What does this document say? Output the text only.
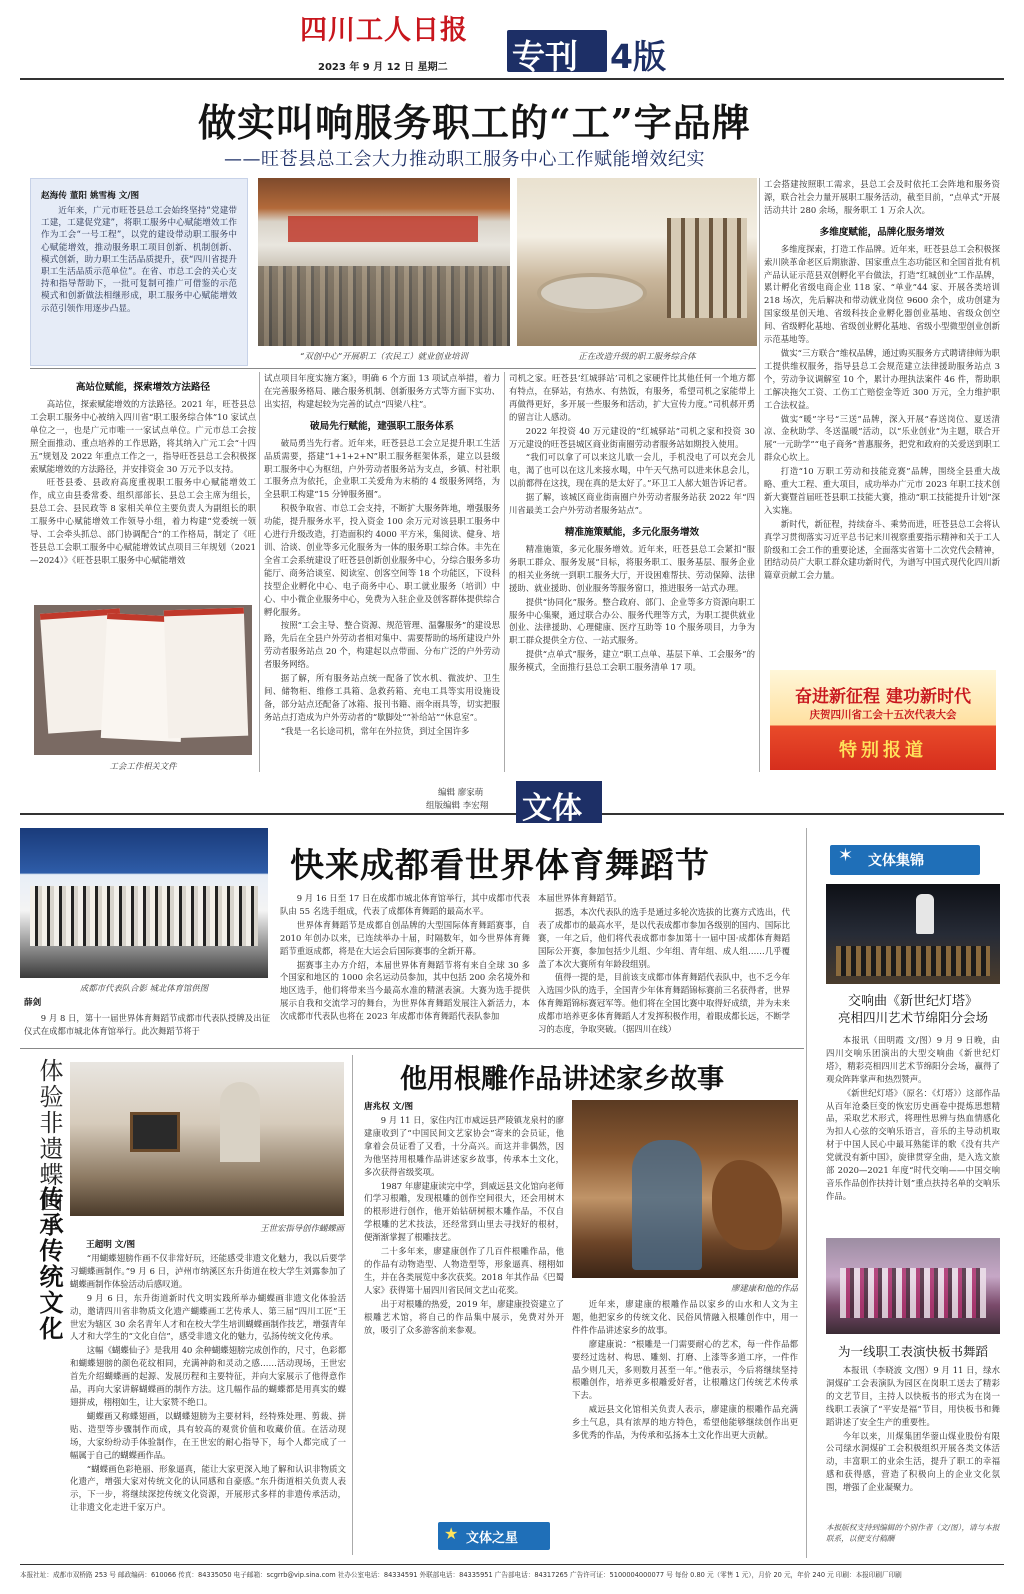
四川工人日报
2023 年 9 月 12 日 星期二 专刊 4版
做实叫响服务职工的“工”字品牌
——旺苍县总工会大力推动职工服务中心工作赋能增效纪实
赵海传 董阳 姚雪梅 文/图
近年来，广元市旺苍县总工会始终坚持“党建带工建，工建促党建”，将职工服务中心赋能增效工作作为工会“一号工程”，以党的建设带动职工服务中心赋能增效，推动服务职工项目创新、机制创新、模式创新，助力职工生活品质提升，获“四川省提升职工生活品质示范单位”。在省、市总工会的关心支持和指导帮助下，一批可复制可推广可借鉴的示范模式和创新做法相继形成，职工服务中心赋能增效示范引领作用逐步凸显。
“双创中心”开展职工（农民工）就业创业培训	正在改造升级的职工服务综合体
高站位赋能，探索增效方法路径

高站位，探索赋能增效的方法路径。2021 年，旺苍县总工会职工服务中心被纳入四川省“职工服务综合体”10 家试点单位之一，也是广元市唯一一家试点单位。广元市总工会按照全面推动、重点培养的工作思路，将其纳入广元工会“十四五”规划及 2022 年重点工作之一，指导旺苍县总工会积极探索赋能增效的方法路径，并安排资金 30 万元予以支持。

旺苍县委、县政府高度重视职工服务中心赋能增效工作，成立由县委常委、组织部部长、县总工会主席为组长，县总工会、县民政等 8 家相关单位主要负责人为副组长的职工服务中心赋能增效工作领导小组，着力构建“党委统一领导、工会牵头抓总、部门协调配合”的工作格局，制定了《旺苍县总工会职工服务中心赋能增效试点项目三年规划（2021—2024）》《旺苍县职工服务中心赋能增效

工会工作相关文件

试点项目年度实施方案》，明确 6 个方面 13 项试点举措，着力在完善服务格局、融合服务机制、创新服务方式等方面下实功、出实招，构建起较为完善的试点“四梁八柱”。

破局先行赋能，建强职工服务体系

破局勇当先行者。近年来，旺苍县总工会立足提升职工生活品质需要，搭建“1+1+2+N”职工服务框架体系，建立以县级职工服务中心为枢纽，户外劳动者服务站为支点，乡镇、村社职工服务点为依托，企业职工关爱角为末梢的 4 级服务网络，为全县职工构建“15 分钟服务圈”。

积极争取省、市总工会支持，不断扩大服务阵地，增强服务功能，提升服务水平，投入资金 100 余万元对该县职工服务中心进行升级改造，打造面积约 4000 平方米，集阅读、健身、培训、洽谈、创业等多元化服务为一体的服务职工综合体。丰先在全省工会系统建设了旺苍县创新创业服务中心，分综合服务多功能厅、商务洽谈室、阅读室、创客空间等 18 个功能区，下设科技型企业孵化中心、电子商务中心、职工就业服务（培训）中心、中小微企业服务中心，免费为入驻企业及创客群体提供综合孵化服务。

按照“工会主导、整合资源、规范管理、温馨服务”的建设思路，先后在全县户外劳动者相对集中、需要帮助的场所建设户外劳动者服务站点 20 个，构建起以点带面、分布广泛的户外劳动者服务网络。

据了解，所有服务站点统一配备了饮水机、微波炉、卫生间、储物柜、维修工具箱、急救药箱、充电工具等实用设施设备，部分站点还配备了冰箱、报刊书籍、雨伞雨具等，切实把服务站点打造成为户外劳动者的“歇脚处”“补给站”“休息室”。

“我是一名长途司机，常年在外拉货，到过全国许多

司机之家。旺苍县‘红城驿站’司机之家硬件比其他任何一个地方都有特点，在驿站，有热水、有热饭，有服务，希望司机之家能带上再做得更好，多开展一些服务和活动，扩大宣传力度。”司机郝开勇的留言让人感动。

2022 年投资 40 万元建设的“红城驿站”司机之家和投资 30 万元建设的旺苍县城区商业街南圈劳动者服务站如期投入使用。

“我们可以拿了可以来这儿歇一会儿，手机没电了可以充会儿电，渴了也可以在这儿来接水喝，中午天气热可以进来休息会儿，以前都得在这找，现在真的是太好了。”环卫工人郝大姐告诉记者。

据了解，该城区商业街南圈户外劳动者服务站获 2022 年“四川省最美工会户外劳动者服务站点”。

精准施策赋能，多元化服务增效

精准施策，多元化服务增效。近年来，旺苍县总工会紧扣“服务职工群众、服务发展”目标，将服务职工、服务基层、服务企业的相关业务统一到职工服务大厅，开设困难帮扶、劳动保障、法律援助、就业援助、创业服务等服务窗口，推进服务一站式办理。

提供“协同化”服务。整合政府、部门、企业等多方资源向职工服务中心集聚，通过联合办公、服务代理等方式，为职工提供就业创业、法律援助、心理健康、医疗互助等 10 个服务项目，力争为职工群众提供全方位、一站式服务。

提供“点单式”服务，建立“职工点单、基层下单、工会服务”的服务模式，全面推行县总工会职工服务清单 17 项。

工会搭建按照职工需求，县总工会及时依托工会阵地和服务资源，联合社会力量开展职工服务活动，截至目前，“点单式”开展活动共计 280 余场，服务职工 1 万余人次。

多维度赋能，品牌化服务增效

多维度探索，打造工作品牌。近年来，旺苍县总工会积极探索川陕革命老区后期旅游、国家重点生态功能区和全国首批有机产品认证示范县双创孵化平台做法，打造“红城创业”工作品牌，累计孵化省级电商企业 118 家、“单业”44 家、开展各类培训 218 场次，先后解决和带动就业岗位 9600 余个，成功创建为国家级星创天地、省级科技企业孵化器创业基地、省级众创空间、省级孵化基地、省级创业孵化基地、省级小型微型创业创新示范基地等。

做实“三方联合”维权品牌，通过购买服务方式聘请律师为职工提供维权服务，指导县总工会规范建立法律援助服务站点 3 个，劳动争议调解室 10 个，累计办理执法案件 46 件，帮助职工解决拖欠工资、工伤工亡赔偿金等近 300 万元，全力维护职工合法权益。

做实“暖”字号“三送”品牌，深入开展“春送岗位、夏送清凉、金秋助学、冬送温暖”活动，以“乐业创业”为主题，联合开展“一元助学”“电子商务”普惠服务，把党和政府的关爱送到职工群众心坎上。

打造“10 万职工劳动和技能竞赛”品牌，围绕全县重大战略、重大工程、重大项目，成功举办广元市 2023 年职工技术创新大赛暨首届旺苍县职工技能大赛，推动“职工技能提升计划”深入实施。

新时代，新征程，持续奋斗、乘势而进，旺苍县总工会将认真学习贯彻落实习近平总书记来川视察重要指示精神和关于工人阶级和工会工作的重要论述，全面落实省第十二次党代会精神，团结动员广大职工群众建功新时代，为谱写中国式现代化四川新篇章贡献工会力量。

奋进新征程 建功新时代
庆贺四川省工会十五次代表大会
特别报道
编辑 廖家萌
组版编辑 李宏翔 文体
成都市代表队合影 城北体育馆供图
薛剑

9 月 8 日，第十一届世界体育舞蹈节成都市代表队授牌及出征仪式在成都市城北体育馆举行。此次舞蹈节将于

快来成都看世界体育舞蹈节

9 月 16 日至 17 日在成都市城北体育馆举行，其中成都市代表队由 55 名选手组成，代表了成都体育舞蹈的最高水平。

世界体育舞蹈节是成都自创品牌的大型国际体育舞蹈赛事，自 2010 年创办以来，已连续举办十届，时隔数年，如今世界体育舞蹈节重返成都，将是在大运会后国际赛事的全新开幕。

据赛事主办方介绍，本届世界体育舞蹈节将有来自全球 30 多个国家和地区的 1000 余名运动员参加，其中包括 200 余名境外和地区选手，他们将带来当今最高水准的精湛表演。大赛为选手提供展示自我和交流学习的舞台，为世界体育舞蹈发展注入新活力，本次成都市代表队也将在 2023 年成都市体育舞蹈代表队参加

本届世界体育舞蹈节。

据悉，本次代表队的选手是通过多轮次选拔的比赛方式选出，代表了成都市的最高水平，是以代表成都市参加各级别的国内、国际比赛，一年之后，他们将代表成都市参加第十一届中国·成都体育舞蹈国际公开赛，参加包括少儿组、少年组、青年组、成人组……几乎覆盖了本次大赛所有年龄段组别。

值得一提的是，目前该支成都市体育舞蹈代表队中，也不乏今年入选国少队的选手，全国青少年体育舞蹈锦标赛前三名获得者，世界体育舞蹈锦标赛冠军等。他们将在全国比赛中取得好成绩，并为未来成都市培养更多体育舞蹈人才发挥积极作用，着眼成都长远，不断学习的态度，争取突破。（据四川在线）

文体集锦
✶
交响曲《新世纪灯塔》
亮相四川艺术节绵阳分会场

本报讯（田明霞 文/图）9 月 9 日晚，由四川交响乐团演出的大型交响曲《新世纪灯塔》，精彩亮相四川艺术节绵阳分会场，赢得了观众阵阵掌声和热烈赞声。

《新世纪灯塔》（原名：《灯塔》）这部作品从百年沧桑巨变的恢宏历史画卷中提炼思想精品，采取艺术形式，将理性思辨与热血情感化为扣人心弦的交响乐语言，音乐的主导动机取材于中国人民心中最耳熟能详的歌《没有共产党就没有新中国》，旋律贯穿全曲，是入选文旅部 2020—2021 年度“时代交响——中国交响音乐作品创作扶持计划”重点扶持名单的交响乐作品。

为一线职工表演快板书舞蹈

本报讯（李晓波 文/图）9 月 11 日，绿水洞煤矿工会表演队为园区在岗职工送去了精彩的文艺节目，主持人以快板书的形式为在岗一线职工表演了“平安是福”节目，用快板书和舞蹈讲述了安全生产的重要性。

今年以来，川煤集团华蓥山煤业股份有限公司绿水洞煤矿工会积极组织开展各类文体活动，丰富职工的业余生活，提升了职工的幸福感和获得感，营造了积极向上的企业文化氛围，增强了企业凝聚力。

本报版权支持到编辑的个别作者（文/图），请与本报联系，以便支付稿酬
体验非遗蝶画
传承传统文化	王世宏指导创作蝴蝶画
王超明 文/图

“用蝴蝶翅膀作画不仅非常好玩，还能感受非遗文化魅力，我以后要学习蝴蝶画制作。”9 月 6 日，泸州市纳溪区东升街道在校大学生刘露参加了蝴蝶画制作体验活动后感叹道。

9 月 6 日，东升街道新时代文明实践所举办蝴蝶画非遗文化体验活动，邀请四川省非物质文化遗产蝴蝶画工艺传承人、第三届“四川工匠”王世宏为辖区 30 余名青年人才和在校大学生培训蝴蝶画制作技艺，增强青年人才和大学生的“文化自信”，感受非遗文化的魅力，弘扬传统文化传承。

这幅《蝴蝶仙子》是我用 40 余种蝴蝶翅膀完成创作的，尺寸，色彩都和蝴蝶翅膀的颜色花纹相同，充满神韵和灵动之感……活动现场，王世宏首先介绍蝴蝶画的起源、发展历程和主要特征，并向大家展示了他得意作品，再向大家讲解蝴蝶画的制作方法。这几幅作品的蝴蝶都是用真实的蝶翅拼成，栩栩如生，让大家赞不绝口。

蝴蝶画又称蝶翅画，以蝴蝶翅膀为主要材料，经特殊处理、剪裁、拼贴、造型等步骤制作而成，具有较高的观赏价值和收藏价值。在活动现场，大家纷纷动手体验制作，在王世宏的耐心指导下，每个人都完成了一幅属于自己的蝴蝶画作品。

“蝴蝶画色彩艳丽、形象逼真，能让大家更深入地了解和认识非物质文化遗产，增强大家对传统文化的认同感和自豪感。”东升街道相关负责人表示，下一步，将继续深挖传统文化资源，开展形式多样的非遗传承活动，让非遗文化走进千家万户。

他用根雕作品讲述家乡故事
唐兆权 文/图

9 月 11 日，家住内江市威远县严陵镇龙泉村的廖建康收到了“中国民间文艺家协会”寄来的会员证，他拿着会员证看了又看，十分高兴。而这并非偶然，因为他坚持用根雕作品讲述家乡故事，传承本土文化，多次获得省级奖项。

1987 年廖建康读完中学，到威远县文化馆向老师们学习根雕，发现根雕的创作空间很大，还会用树木的根形进行创作，他开始钻研树根木雕作品，不仅自学根雕的艺术技法，还经常到山里去寻找好的根材，便渐渐掌握了根雕技艺。

二十多年来，廖建康创作了几百件根雕作品，他的作品有动物造型、人物造型等，形象逼真、栩栩如生，并在各类展览中多次获奖。2018 年其作品《巴蜀人家》获得第十届四川省民间文艺山花奖。

出于对根雕的热爱，2019 年，廖建康投资建立了根雕艺术馆，将自己的作品集中展示，免费对外开放，吸引了众多游客前来参观。

廖建康和他的作品

近年来，廖建康的根雕作品以家乡的山水和人文为主题，他把家乡的传统文化、民俗风情融入根雕创作中，用一件件作品讲述家乡的故事。

廖建康说：“根雕是一门需要耐心的艺术，每一件作品都要经过选材、构思、雕刻、打磨、上漆等多道工序，一件作品少则几天，多则数月甚至一年。”他表示，今后将继续坚持根雕创作，培养更多根雕爱好者，让根雕这门传统艺术传承下去。

威远县文化馆相关负责人表示，廖建康的根雕作品充满乡土气息，具有浓厚的地方特色，希望他能够继续创作出更多优秀的作品，为传承和弘扬本土文化作出更大贡献。

★ 文体之星
本报社址：成都市双桥路 253 号 邮政编码：610066 传真：84335050 电子邮箱：scgrrb@vip.sina.com 社办公室电话：84334591 外联部电话：84335951 广告部电话：84317265 广告许可证：5100004000077 号 每份 0.80 元（零售 1 元），月价 20 元，年价 240 元 印刷：本报印刷厂印刷
